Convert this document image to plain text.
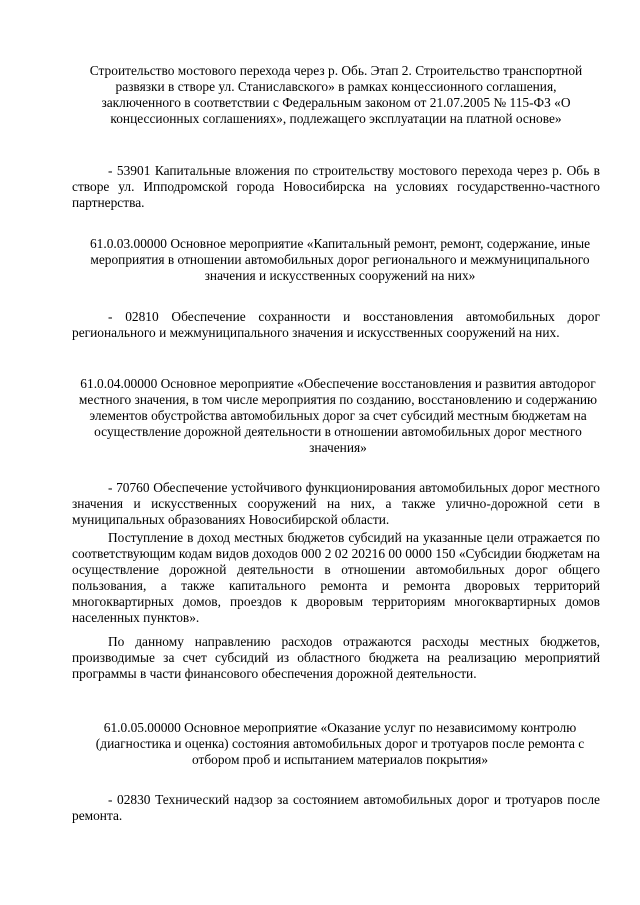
Строительство мостового перехода через р. Обь. Этап 2. Строительство транспортной развязки в створе ул. Станиславского» в рамках концессионного соглашения, заключенного в соответствии с Федеральным законом от 21.07.2005 № 115-ФЗ «О концессионных соглашениях», подлежащего эксплуатации на платной основе»

- 53901 Капитальные вложения по строительству мостового перехода через р. Обь в створе ул. Ипподромской города Новосибирска на условиях государственно-частного партнерства.

61.0.03.00000 Основное мероприятие «Капитальный ремонт, ремонт, содержание, иные мероприятия в отношении автомобильных дорог регионального и межмуниципального значения и искусственных сооружений на них»

- 02810 Обеспечение сохранности и восстановления автомобильных дорог регионального и межмуниципального значения и искусственных сооружений на них.

61.0.04.00000 Основное мероприятие «Обеспечение восстановления и развития автодорог местного значения, в том числе мероприятия по созданию, восстановлению и содержанию элементов обустройства автомобильных дорог за счет субсидий местным бюджетам на осуществление дорожной деятельности в отношении автомобильных дорог местного значения»

- 70760 Обеспечение устойчивого функционирования автомобильных дорог местного значения и искусственных сооружений на них, а также улично-дорожной сети в муниципальных образованиях Новосибирской области.

Поступление в доход местных бюджетов субсидий на указанные цели отражается по соответствующим кодам видов доходов 000 2 02 20216 00 0000 150 «Субсидии бюджетам на осуществление дорожной деятельности в отношении автомобильных дорог общего пользования, а также капитального ремонта и ремонта дворовых территорий многоквартирных домов, проездов к дворовым территориям многоквартирных домов населенных пунктов».

По данному направлению расходов отражаются расходы местных бюджетов, производимые за счет субсидий из областного бюджета на реализацию мероприятий программы в части финансового обеспечения дорожной деятельности.

61.0.05.00000 Основное мероприятие «Оказание услуг по независимому контролю (диагностика и оценка) состояния автомобильных дорог и тротуаров после ремонта с отбором проб и испытанием материалов покрытия»

- 02830 Технический надзор за состоянием автомобильных дорог и тротуаров после ремонта.
